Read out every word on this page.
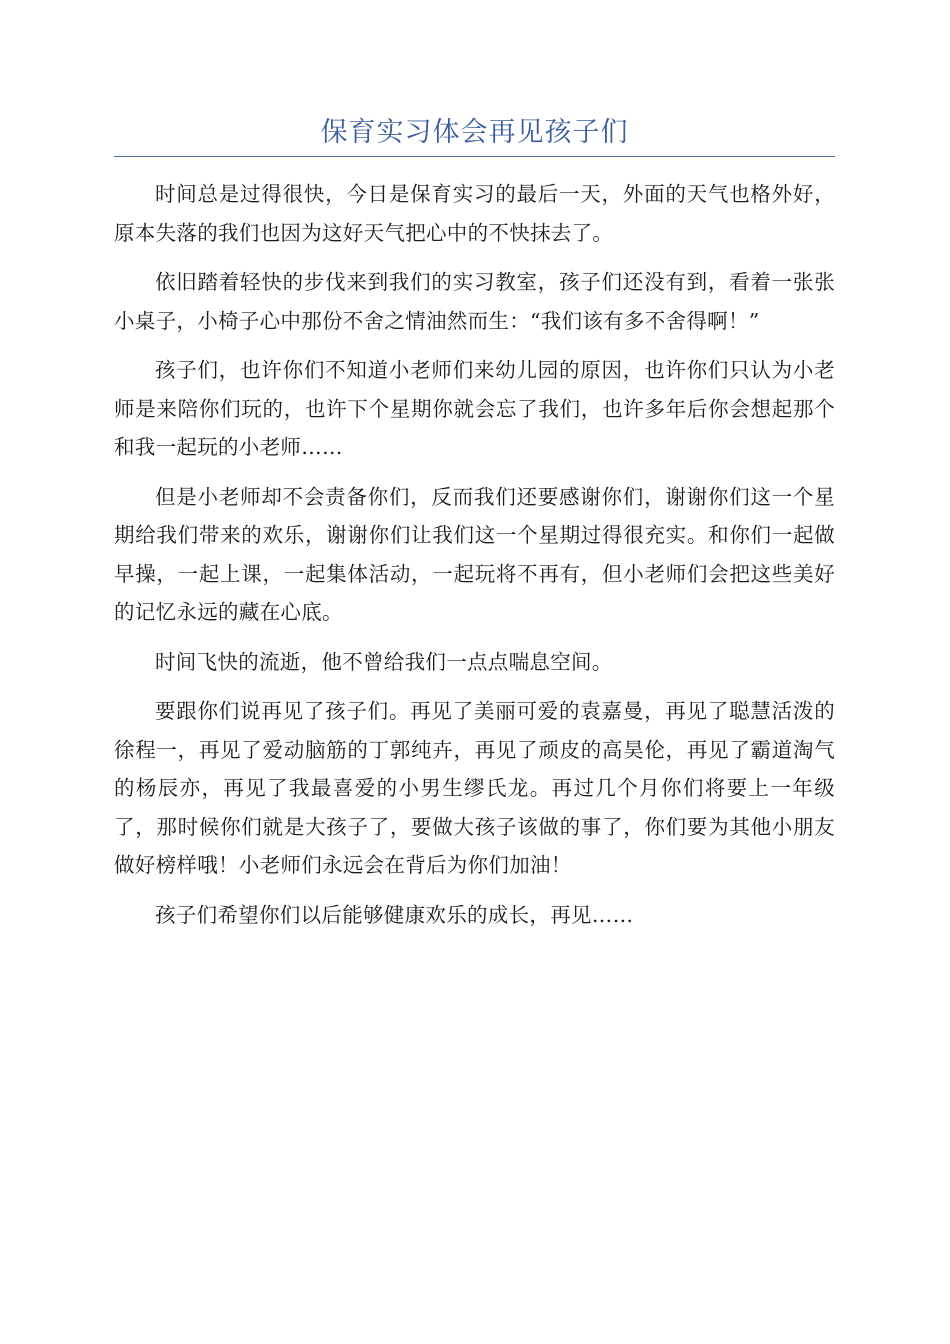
保育实习体会再见孩子们

时间总是过得很快，今日是保育实习的最后一天，外面的天气也格外好，原本失落的我们也因为这好天气把心中的不快抹去了。

依旧踏着轻快的步伐来到我们的实习教室，孩子们还没有到，看着一张张小桌子，小椅子心中那份不舍之情油然而生：“我们该有多不舍得啊！”

孩子们，也许你们不知道小老师们来幼儿园的原因，也许你们只认为小老师是来陪你们玩的，也许下个星期你就会忘了我们，也许多年后你会想起那个和我一起玩的小老师……

但是小老师却不会责备你们，反而我们还要感谢你们，谢谢你们这一个星期给我们带来的欢乐，谢谢你们让我们这一个星期过得很充实。和你们一起做早操，一起上课，一起集体活动，一起玩将不再有，但小老师们会把这些美好的记忆永远的藏在心底。

时间飞快的流逝，他不曾给我们一点点喘息空间。

要跟你们说再见了孩子们。再见了美丽可爱的袁嘉曼，再见了聪慧活泼的徐程一，再见了爱动脑筋的丁郭纯卉，再见了顽皮的高昊伦，再见了霸道淘气的杨辰亦，再见了我最喜爱的小男生缪氏龙。再过几个月你们将要上一年级了，那时候你们就是大孩子了，要做大孩子该做的事了，你们要为其他小朋友做好榜样哦！小老师们永远会在背后为你们加油！

孩子们希望你们以后能够健康欢乐的成长，再见……
